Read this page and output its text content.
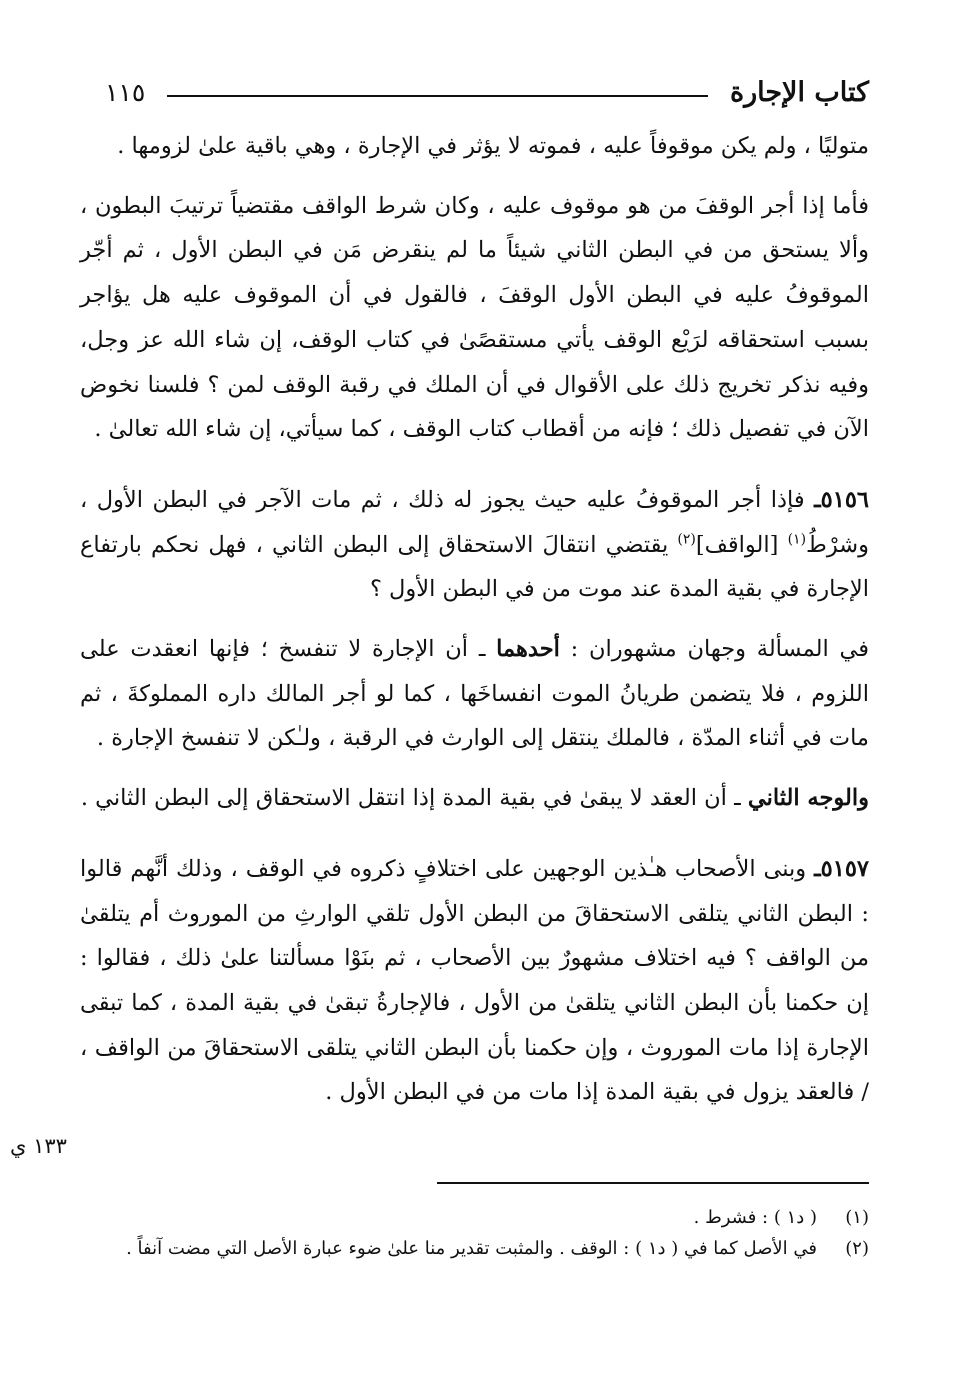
كتاب الإجارة
١١٥

متوليًا ، ولم يكن موقوفاً عليه ، فموته لا يؤثر في الإجارة ، وهي باقية علىٰ لزومها .

فأما إذا أجر الوقفَ من هو موقوف عليه ، وكان شرط الواقف مقتضياً ترتيبَ البطون ، وألا يستحق من في البطن الثاني شيئاً ما لم ينقرض مَن في البطن الأول ، ثم أجّر الموقوفُ عليه في البطن الأول الوقفَ ، فالقول في أن الموقوف عليه هل يؤاجر بسبب استحقاقه لرَيْع الوقف يأتي مستقصًىٰ في كتاب الوقف، إن شاء الله عز وجل، وفيه نذكر تخريج ذلك على الأقوال في أن الملك في رقبة الوقف لمن ؟ فلسنا نخوض الآن في تفصيل ذلك ؛ فإنه من أقطاب كتاب الوقف ، كما سيأتي، إن شاء الله تعالىٰ .

٥١٥٦ـ فإذا أجر الموقوفُ عليه حيث يجوز له ذلك ، ثم مات الآجر في البطن الأول ، وشرْطُ$^{(١)}$ [الواقف]$^{(٢)}$ يقتضي انتقالَ الاستحقاق إلى البطن الثاني ، فهل نحكم بارتفاع الإجارة في بقية المدة عند موت من في البطن الأول ؟

في المسألة وجهان مشهوران : أحدهما ـ أن الإجارة لا تنفسخ ؛ فإنها انعقدت على اللزوم ، فلا يتضمن طريانُ الموت انفساخَها ، كما لو أجر المالك داره المملوكةَ ، ثم مات في أثناء المدّة ، فالملك ينتقل إلى الوارث في الرقبة ، ولـٰكن لا تنفسخ الإجارة .

والوجه الثاني ـ أن العقد لا يبقىٰ في بقية المدة إذا انتقل الاستحقاق إلى البطن الثاني .

٥١٥٧ـ وبنى الأصحاب هـٰذين الوجهين على اختلافٍ ذكروه في الوقف ، وذلك أنَّهم قالوا : البطن الثاني يتلقى الاستحقاقَ من البطن الأول تلقي الوارثِ من الموروث أم يتلقىٰ من الواقف ؟ فيه اختلاف مشهورٌ بين الأصحاب ، ثم بنَوْا مسألتنا علىٰ ذلك ، فقالوا : إن حكمنا بأن البطن الثاني يتلقىٰ من الأول ، فالإجارةُ تبقىٰ في بقية المدة ، كما تبقى الإجارة إذا مات الموروث ، وإن حكمنا بأن البطن الثاني يتلقى الاستحقاقَ من الواقف ، / فالعقد يزول في بقية المدة إذا مات من في البطن الأول .

١٣٣ ي
(١)
( د١ ) : فشرط .
(٢)
في الأصل كما في ( د١ ) : الوقف . والمثبت تقدير منا علىٰ ضوء عبارة الأصل التي مضت آنفاً .
